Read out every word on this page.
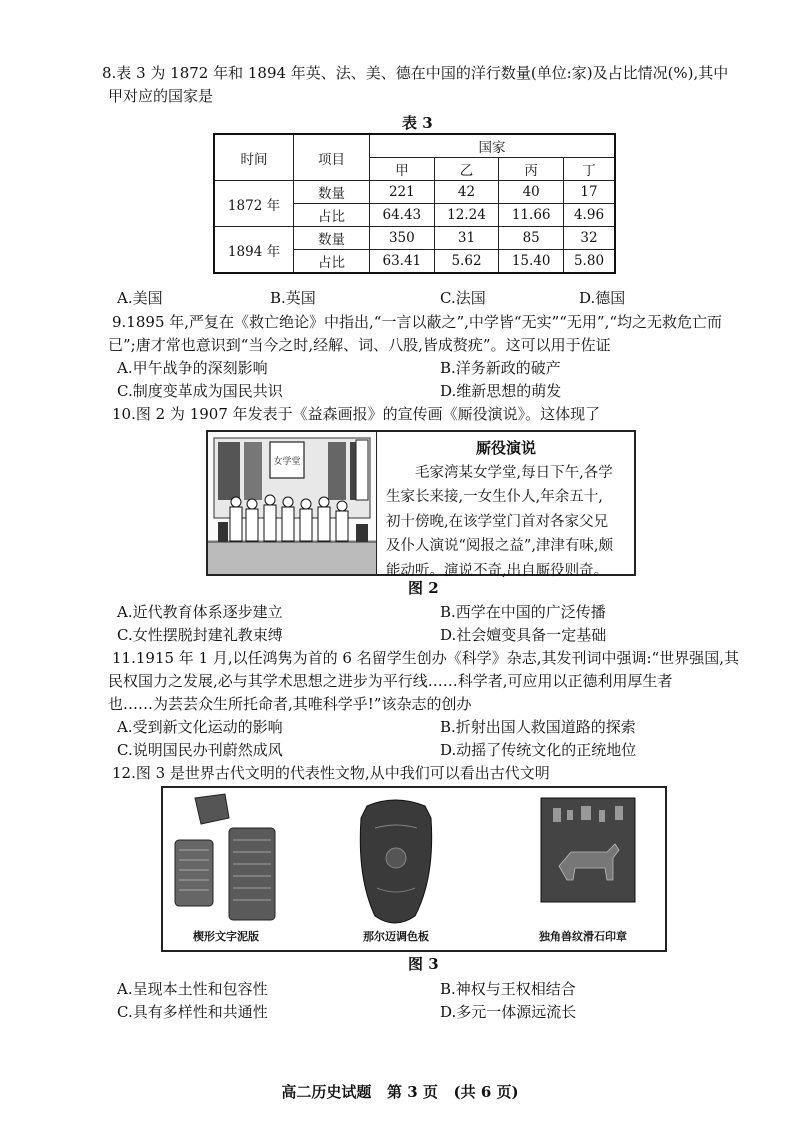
8.表 3 为 1872 年和 1894 年英、法、美、德在中国的洋行数量(单位:家)及占比情况(%),其中
甲对应的国家是
表 3
时间	项目	国家			
		甲	乙	丙	丁
1872 年	数量	221	42	40	17
	占比	64.43	12.24	11.66	4.96
1894 年	数量	350	31	85	32
	占比	63.41	5.62	15.40	5.80
A.美国	B.英国	C.法国	D.德国
9.1895 年,严复在《救亡绝论》中指出,“一言以蔽之”,中学皆“无实”“无用”,“均之无救危亡而
已”;唐才常也意识到“当今之时,经解、词、八股,皆成赘疣”。这可以用于佐证
A.甲午战争的深刻影响	B.洋务新政的破产
C.制度变革成为国民共识	D.维新思想的萌发
10.图 2 为 1907 年发表于《益森画报》的宣传画《厮役演说》。这体现了
女学堂
厮役演说
毛家湾某女学堂,每日下午,各学
生家长来接,一女生仆人,年余五十,
初十傍晚,在该学堂门首对各家父兄
及仆人演说“阅报之益”,津津有味,颇
能动听。演说不奇,出自厮役则奇。
图 2
A.近代教育体系逐步建立	B.西学在中国的广泛传播
C.女性摆脱封建礼教束缚	D.社会嬗变具备一定基础
11.1915 年 1 月,以任鸿隽为首的 6 名留学生创办《科学》杂志,其发刊词中强调:“世界强国,其
民权国力之发展,必与其学术思想之进步为平行线……科学者,可应用以正德利用厚生者
也……为芸芸众生所托命者,其唯科学乎!”该杂志的创办
A.受到新文化运动的影响	B.折射出国人救国道路的探索
C.说明国民办刊蔚然成风	D.动摇了传统文化的正统地位
12.图 3 是世界古代文明的代表性文物,从中我们可以看出古代文明
楔形文字泥版	那尔迈调色板	独角兽纹滑石印章
图 3
A.呈现本土性和包容性	B.神权与王权相结合
C.具有多样性和共通性	D.多元一体源远流长
高二历史试题   第 3 页   (共 6 页)
